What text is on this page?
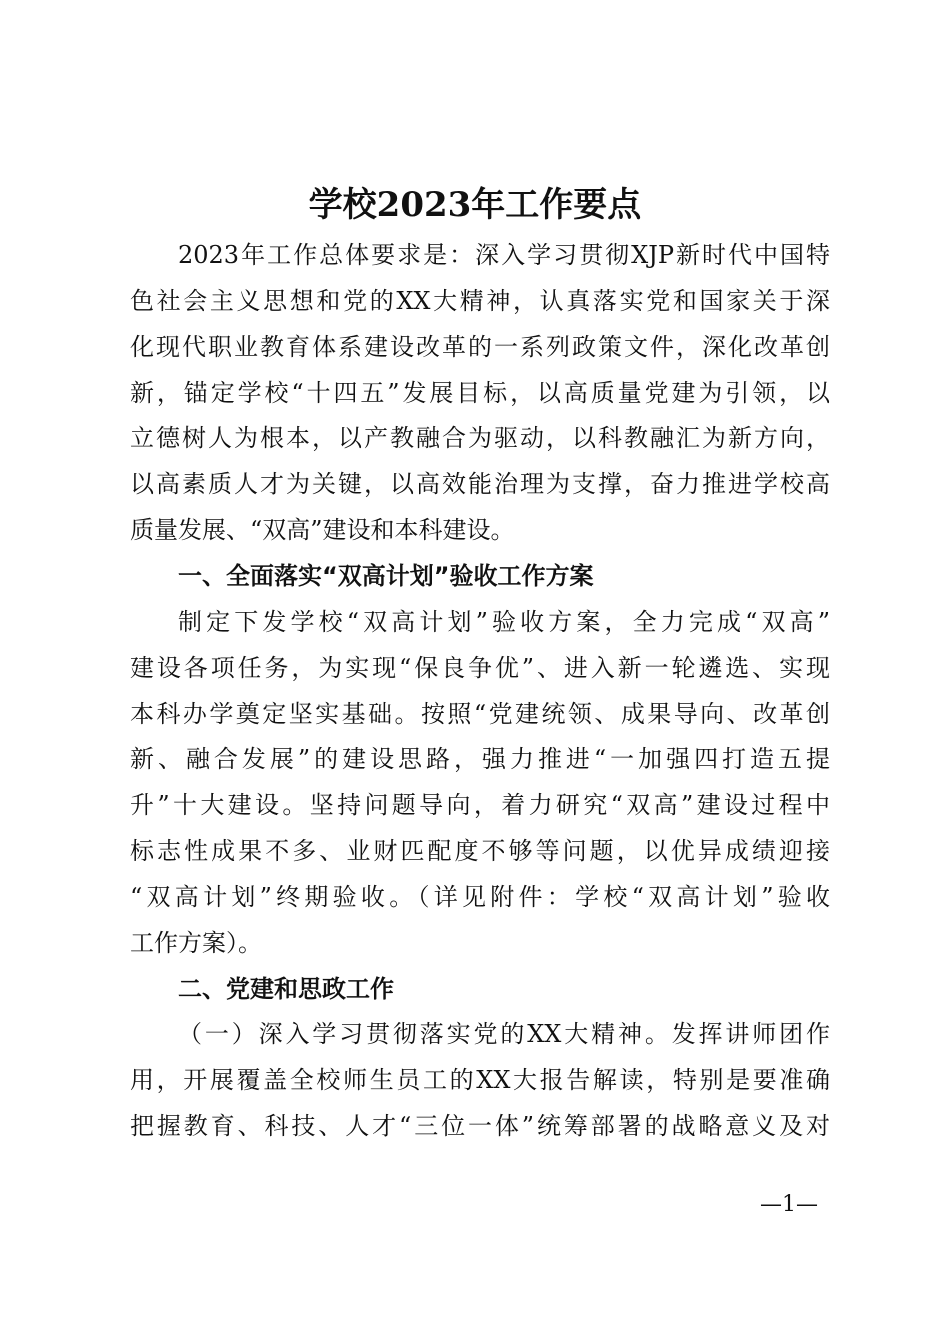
学校2023年工作要点
2023年工作总体要求是：深入学习贯彻XJP新时代中国特
色社会主义思想和党的XX大精神，认真落实党和国家关于深
化现代职业教育体系建设改革的一系列政策文件，深化改革创
新，锚定学校“十四五”发展目标，以高质量党建为引领，以
立德树人为根本，以产教融合为驱动，以科教融汇为新方向，
以高素质人才为关键，以高效能治理为支撑，奋力推进学校高
质量发展、“双高”建设和本科建设。
一、全面落实“双高计划”验收工作方案
制定下发学校“双高计划”验收方案，全力完成“双高”
建设各项任务，为实现“保良争优”、进入新一轮遴选、实现
本科办学奠定坚实基础。按照“党建统领、成果导向、改革创
新、融合发展”的建设思路，强力推进“一加强四打造五提
升”十大建设。坚持问题导向，着力研究“双高”建设过程中
标志性成果不多、业财匹配度不够等问题，以优异成绩迎接
“双高计划”终期验收。（详见附件：学校“双高计划”验收
工作方案）。
二、党建和思政工作
（一）深入学习贯彻落实党的XX大精神。发挥讲师团作
用，开展覆盖全校师生员工的XX大报告解读，特别是要准确
把握教育、科技、人才“三位一体”统筹部署的战略意义及对
—1—
